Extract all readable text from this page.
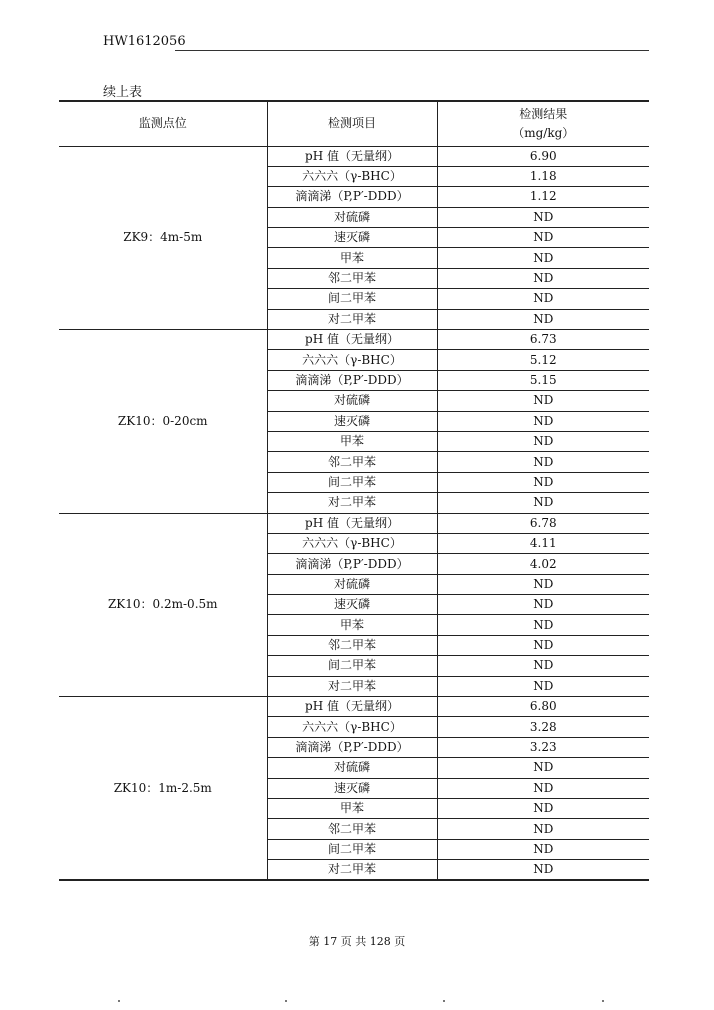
HW1612056
续上表
监测点位	检测项目	检测结果
（mg/kg）

ZK9：4m-5m	pH 值（无量纲）	6.90
	六六六（γ-BHC）	1.18
	滴滴涕（P,P′-DDD）	1.12
	对硫磷	ND
	速灭磷	ND
	甲苯	ND
	邻二甲苯	ND
	间二甲苯	ND
	对二甲苯	ND
ZK10：0-20cm	pH 值（无量纲）	6.73
	六六六（γ-BHC）	5.12
	滴滴涕（P,P′-DDD）	5.15
	对硫磷	ND
	速灭磷	ND
	甲苯	ND
	邻二甲苯	ND
	间二甲苯	ND
	对二甲苯	ND
ZK10：0.2m-0.5m	pH 值（无量纲）	6.78
	六六六（γ-BHC）	4.11
	滴滴涕（P,P′-DDD）	4.02
	对硫磷	ND
	速灭磷	ND
	甲苯	ND
	邻二甲苯	ND
	间二甲苯	ND
	对二甲苯	ND
ZK10：1m-2.5m	pH 值（无量纲）	6.80
	六六六（γ-BHC）	3.28
	滴滴涕（P,P′-DDD）	3.23
	对硫磷	ND
	速灭磷	ND
	甲苯	ND
	邻二甲苯	ND
	间二甲苯	ND
	对二甲苯	ND
第 17 页 共 128 页
